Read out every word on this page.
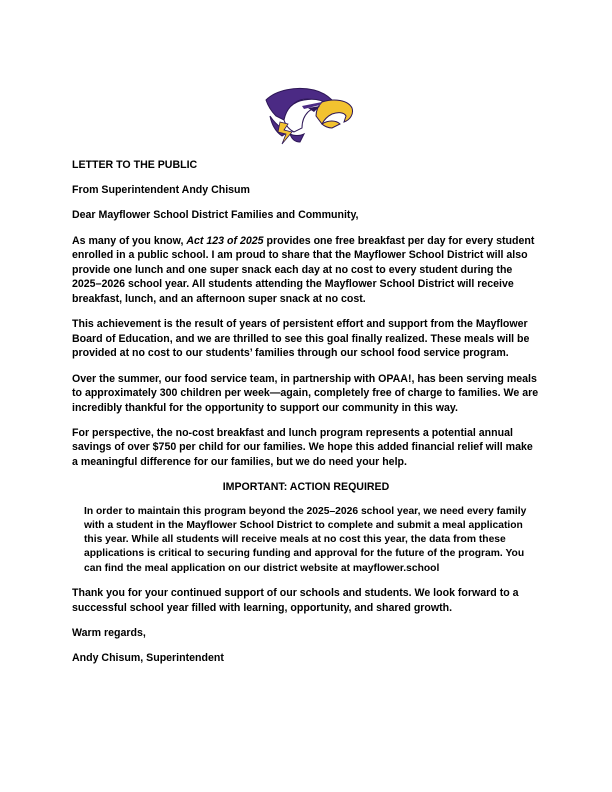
LETTER TO THE PUBLIC

From Superintendent Andy Chisum

Dear Mayflower School District Families and Community,

As many of you know, Act 123 of 2025 provides one free breakfast per day for every student enrolled in a public school. I am proud to share that the Mayflower School District will also provide one lunch and one super snack each day at no cost to every student during the 2025–2026 school year. All students attending the Mayflower School District will receive breakfast, lunch, and an afternoon super snack at no cost.

This achievement is the result of years of persistent effort and support from the Mayflower Board of Education, and we are thrilled to see this goal finally realized. These meals will be provided at no cost to our students’ families through our school food service program.

Over the summer, our food service team, in partnership with OPAA!, has been serving meals to approximately 300 children per week—again, completely free of charge to families. We are incredibly thankful for the opportunity to support our community in this way.

For perspective, the no-cost breakfast and lunch program represents a potential annual savings of over $750 per child for our families. We hope this added financial relief will make a meaningful difference for our families, but we do need your help.

IMPORTANT: ACTION REQUIRED

In order to maintain this program beyond the 2025–2026 school year, we need every family with a student in the Mayflower School District to complete and submit a meal application this year. While all students will receive meals at no cost this year, the data from these applications is critical to securing funding and approval for the future of the program. You can find the meal application on our district website at mayflower.school

Thank you for your continued support of our schools and students. We look forward to a successful school year filled with learning, opportunity, and shared growth.

Warm regards,

Andy Chisum, Superintendent
